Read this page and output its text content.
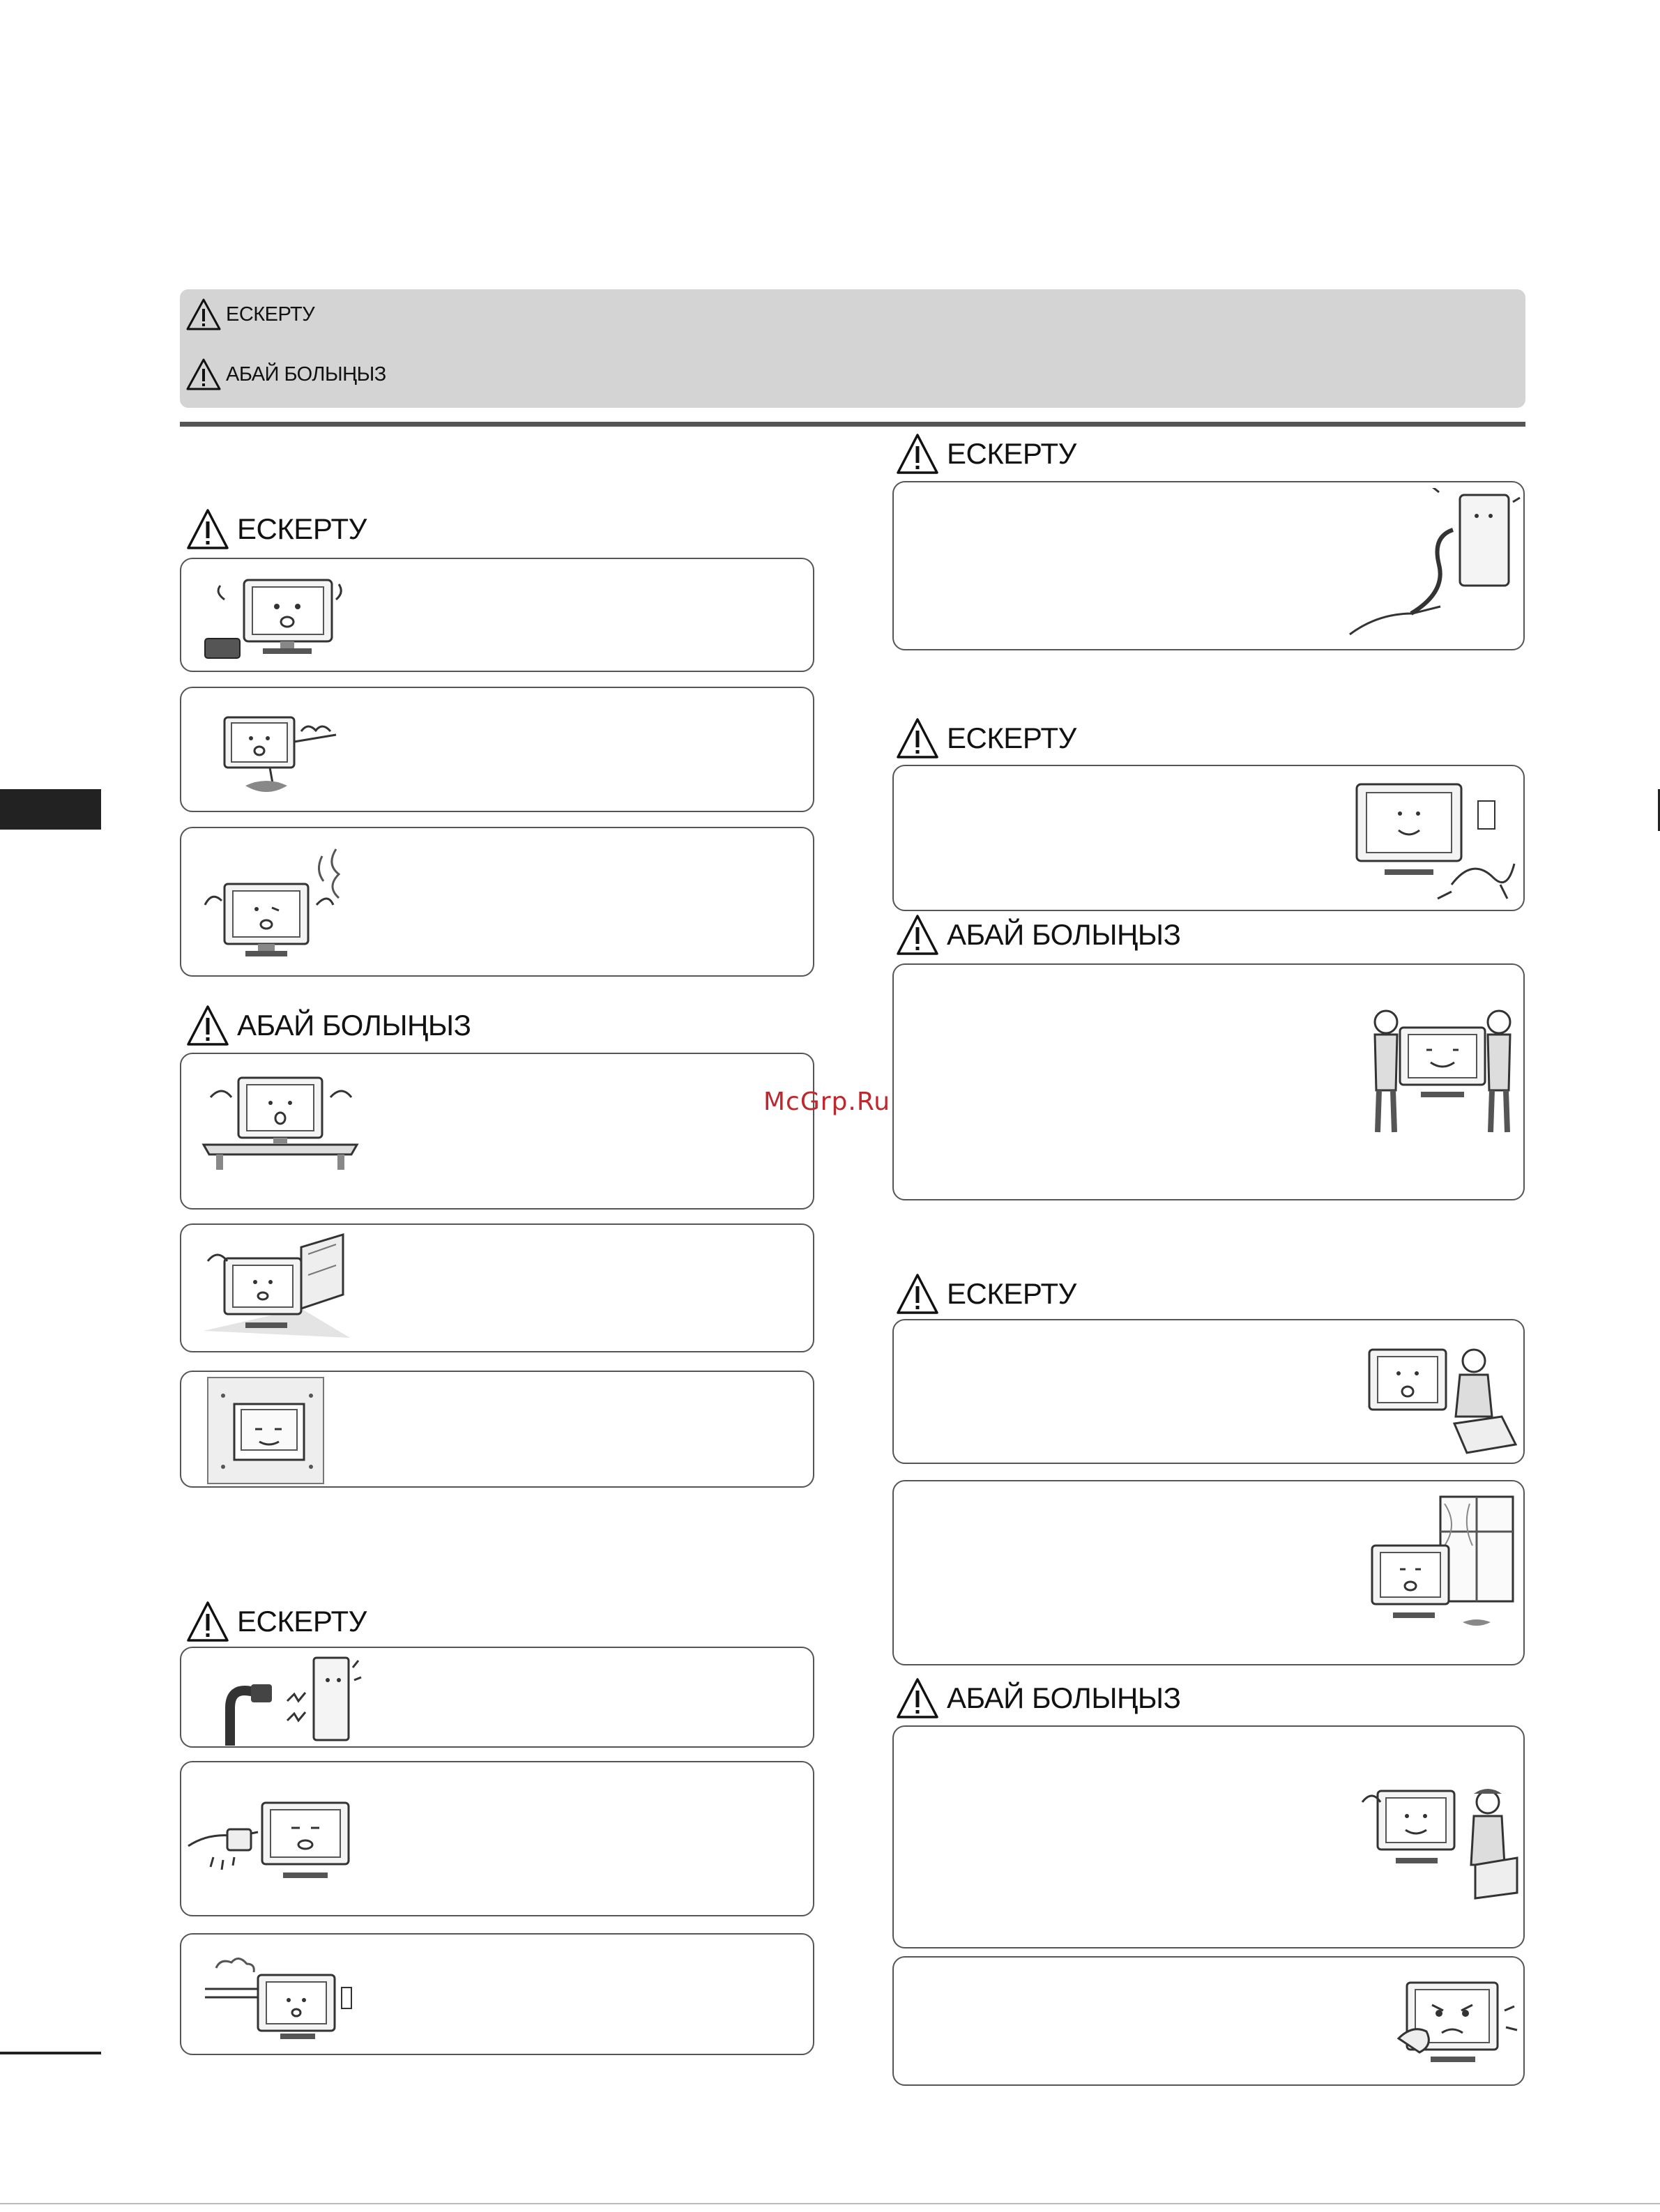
ЕСКЕРТУ
АБАЙ БОЛЫҢЫЗ
ЕСКЕРТУ
АБАЙ БОЛЫҢЫЗ
ЕСКЕРТУ
ЕСКЕРТУ
ЕСКЕРТУ
АБАЙ БОЛЫҢЫЗ
ЕСКЕРТУ
АБАЙ БОЛЫҢЫЗ
McGrp.Ru
